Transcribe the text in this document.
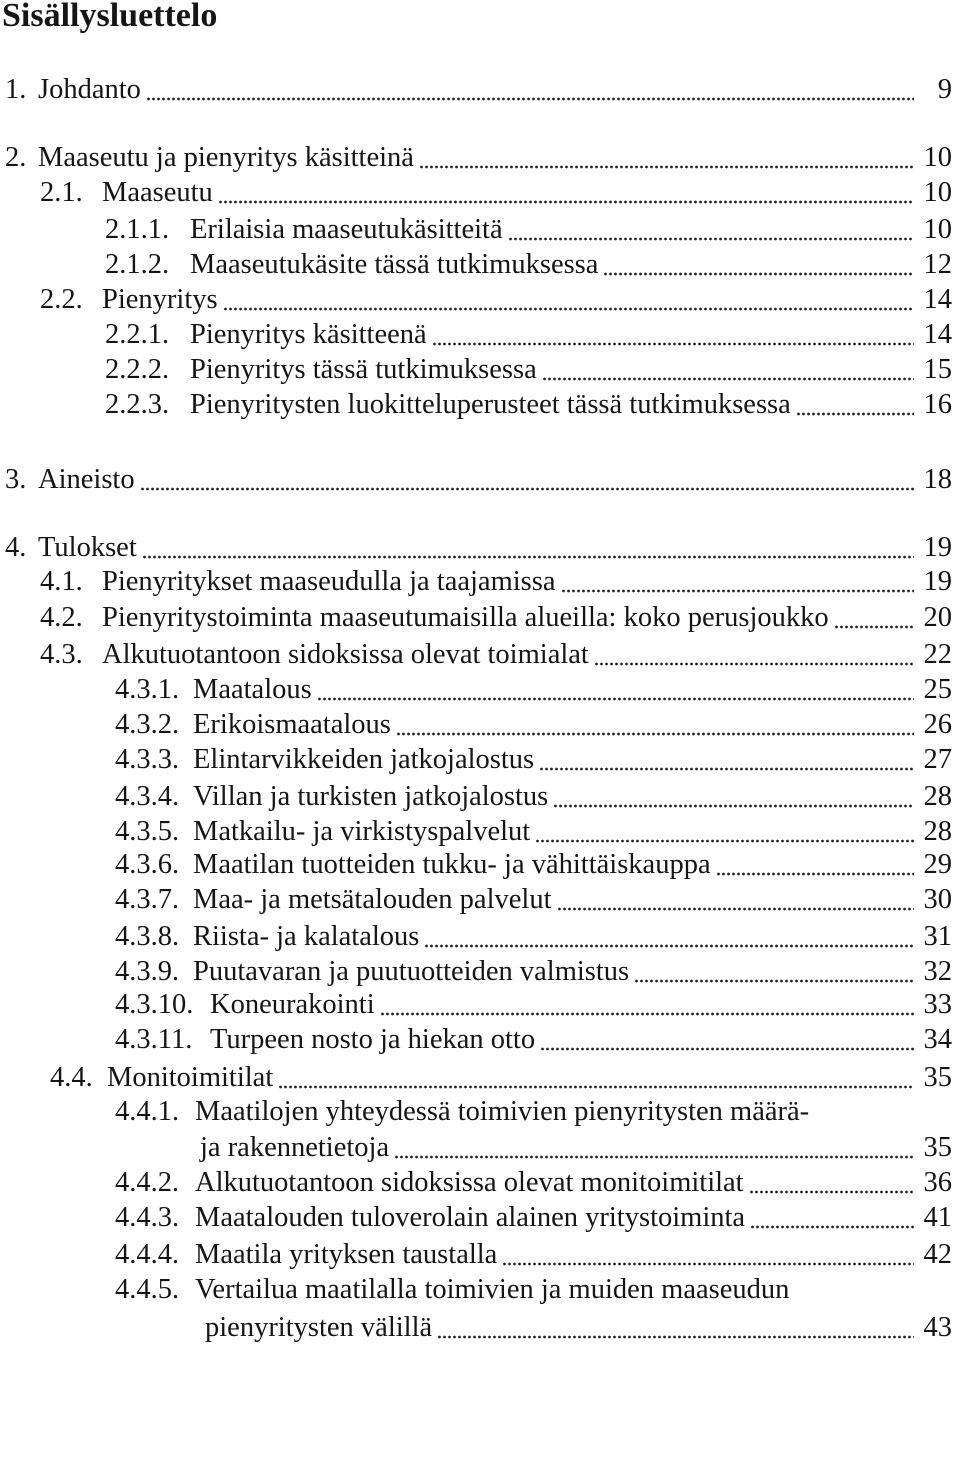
Sisällysluettelo
1. Johdanto	9
2. Maaseutu ja pienyritys käsitteinä	10
2.1. Maaseutu	10
2.1.1. Erilaisia maaseutukäsitteitä	10
2.1.2. Maaseutukäsite tässä tutkimuksessa	12
2.2. Pienyritys	14
2.2.1. Pienyritys käsitteenä	14
2.2.2. Pienyritys tässä tutkimuksessa	15
2.2.3. Pienyritysten luokitteluperusteet tässä tutkimuksessa	16
3. Aineisto	18
4. Tulokset	19
4.1. Pienyritykset maaseudulla ja taajamissa	19
4.2. Pienyritystoiminta maaseutumaisilla alueilla: koko perusjoukko	20
4.3. Alkutuotantoon sidoksissa olevat toimialat	22
4.3.1. Maatalous	25
4.3.2. Erikoismaatalous	26
4.3.3. Elintarvikkeiden jatkojalostus	27
4.3.4. Villan ja turkisten jatkojalostus	28
4.3.5. Matkailu- ja virkistyspalvelut	28
4.3.6. Maatilan tuotteiden tukku- ja vähittäiskauppa	29
4.3.7. Maa- ja metsätalouden palvelut	30
4.3.8. Riista- ja kalatalous	31
4.3.9. Puutavaran ja puutuotteiden valmistus	32
4.3.10. Koneurakointi	33
4.3.11. Turpeen nosto ja hiekan otto	34
4.4. Monitoimitilat	35
4.4.1. Maatilojen yhteydessä toimivien pienyritysten määrä-
ja rakennetietoja	35
4.4.2. Alkutuotantoon sidoksissa olevat monitoimitilat	36
4.4.3. Maatalouden tuloverolain alainen yritystoiminta	41
4.4.4. Maatila yrityksen taustalla	42
4.4.5. Vertailua maatilalla toimivien ja muiden maaseudun
pienyritysten välillä	43
